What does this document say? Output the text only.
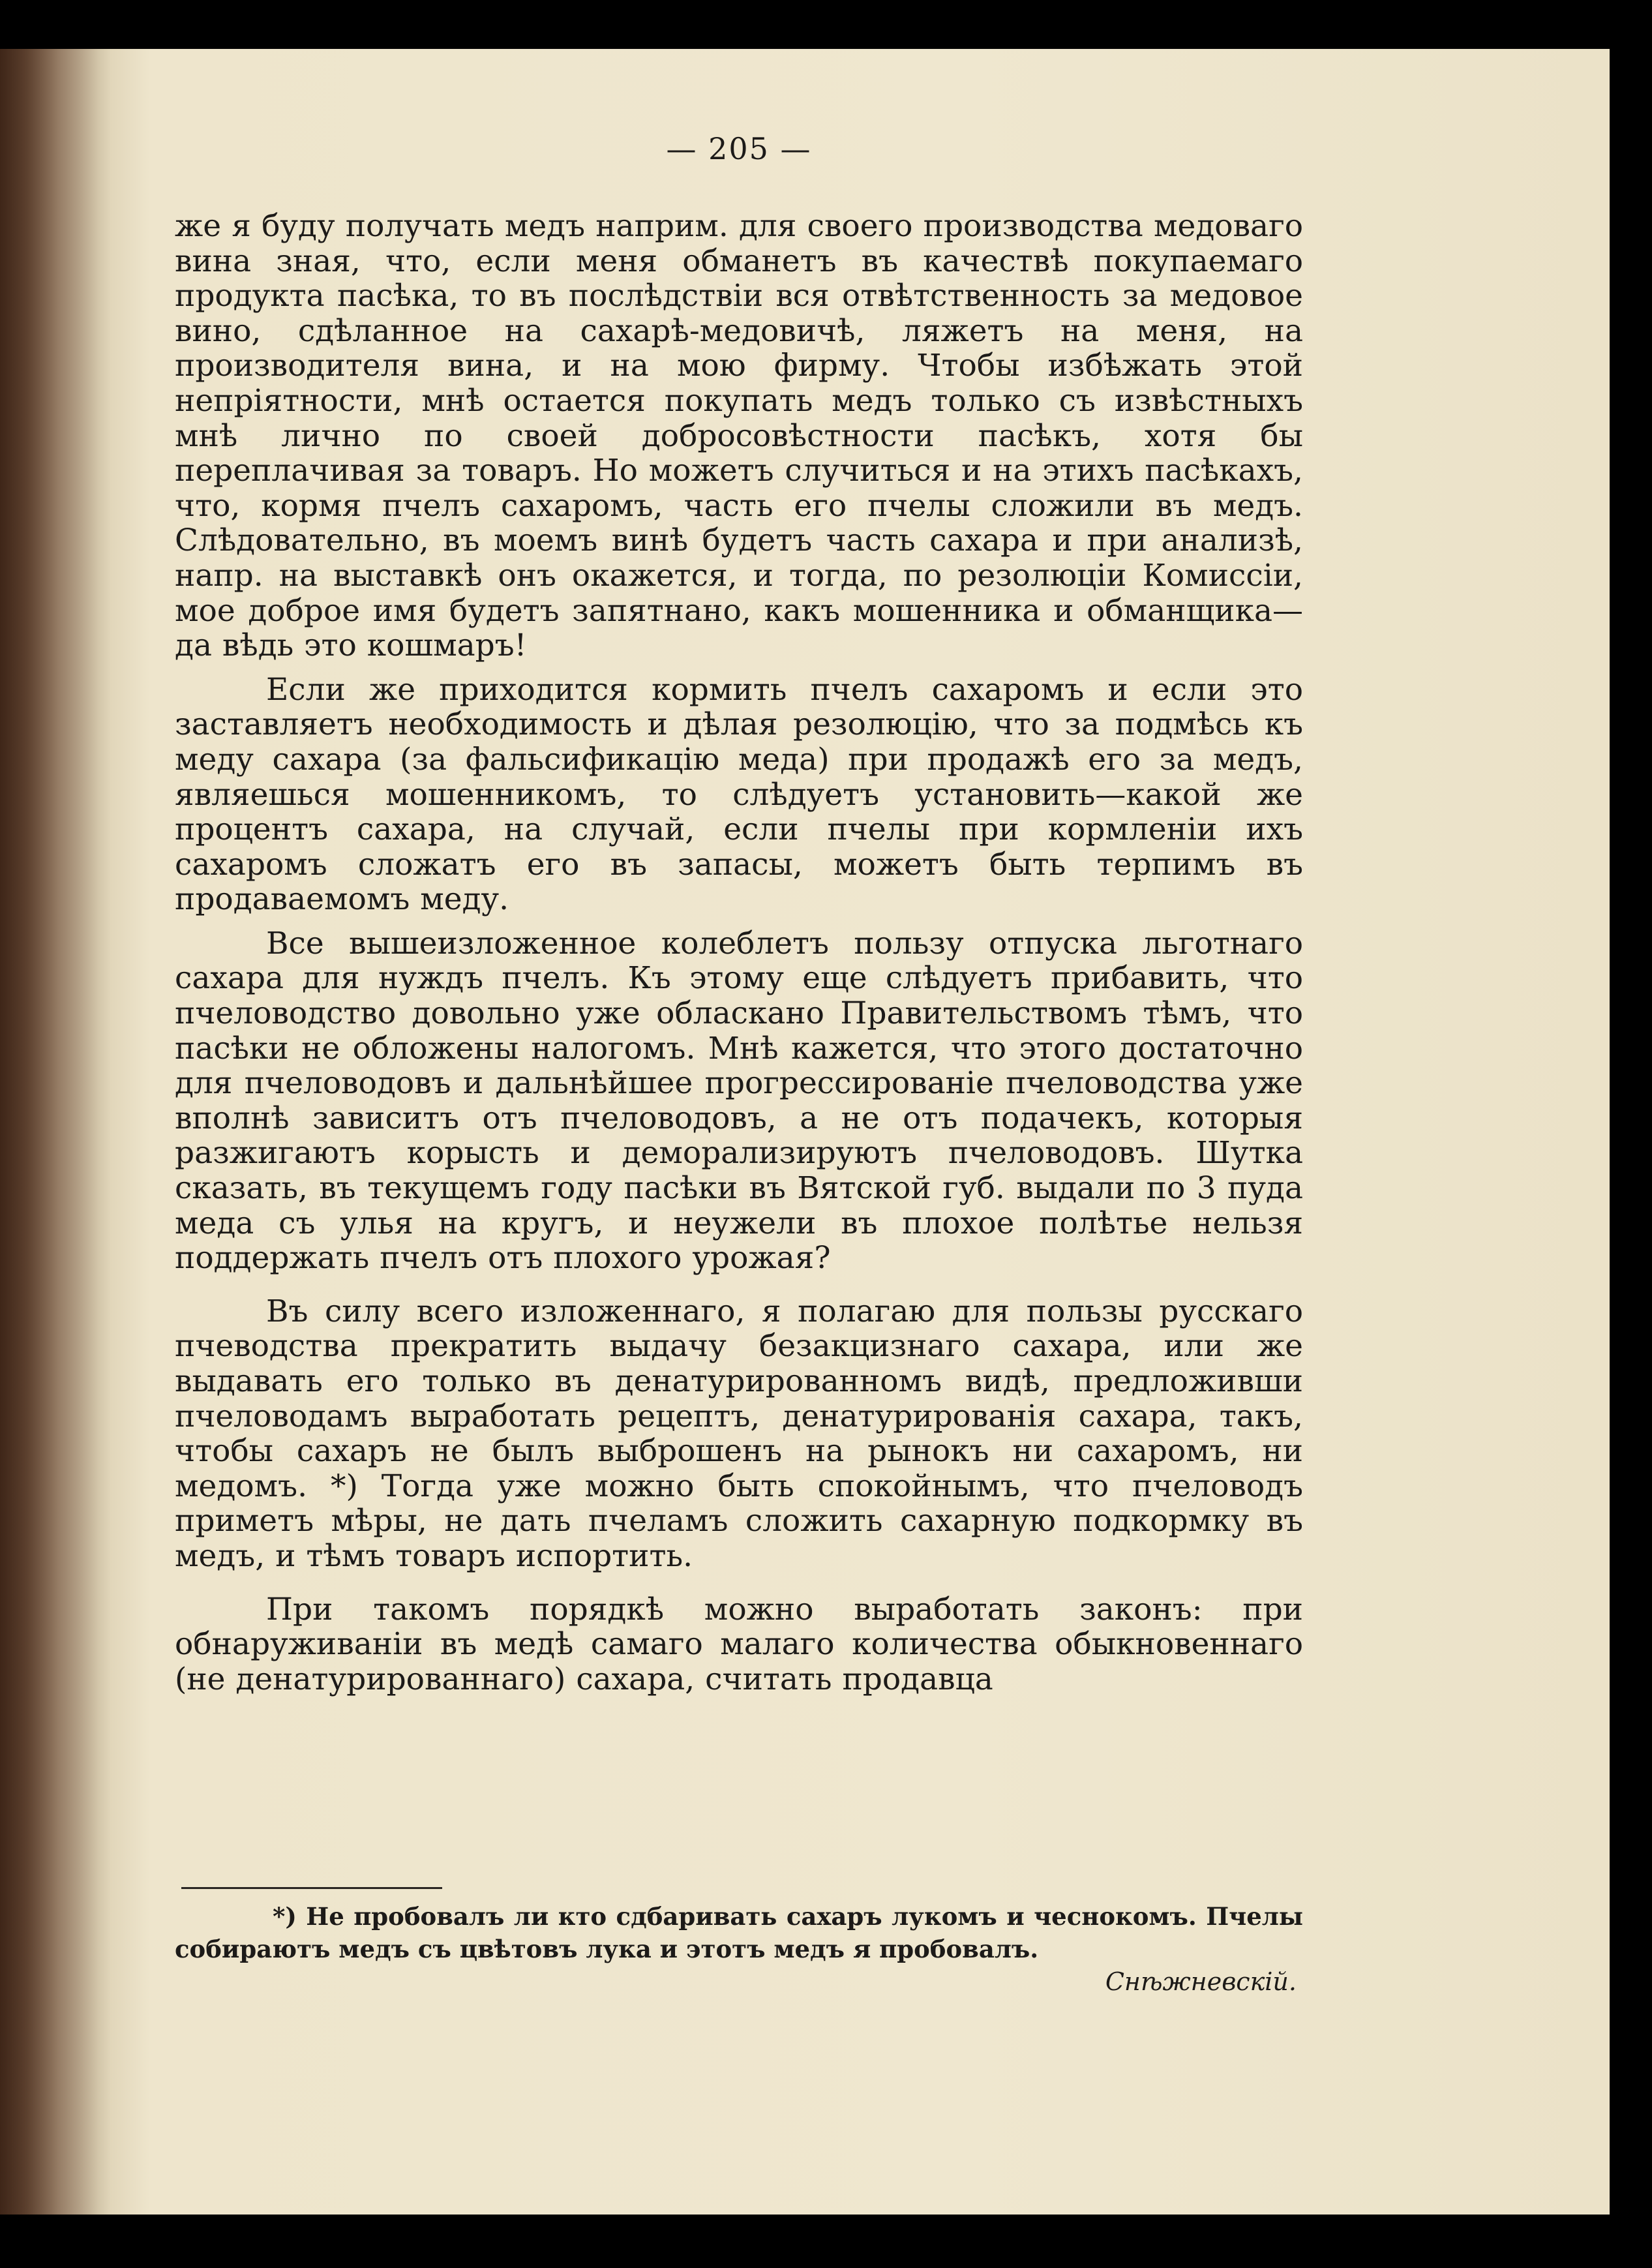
— 205 —

же я буду получать медъ наприм. для своего производства медоваго вина зная, что, если меня обманетъ въ качествѣ покупаемаго продукта пасѣка, то въ послѣдствіи вся отвѣтственность за медовое вино, сдѣланное на сахарѣ-медовичѣ, ляжетъ на меня, на производителя вина, и на мою фирму. Чтобы избѣжать этой непріятности, мнѣ остается покупать медъ только съ извѣстныхъ мнѣ лично по своей добросовѣстности пасѣкъ, хотя бы переплачивая за товаръ. Но можетъ случиться и на этихъ пасѣкахъ, что, кормя пчелъ сахаромъ, часть его пчелы сложили въ медъ. Слѣдовательно, въ моемъ винѣ будетъ часть сахара и при анализѣ, напр. на выставкѣ онъ окажется, и тогда, по резолюціи Комиссіи, мое доброе имя будетъ запятнано, какъ мошенника и обманщика—да вѣдь это кошмаръ!

Если же приходится кормить пчелъ сахаромъ и если это заставляетъ необходимость и дѣлая резолюцію, что за подмѣсь къ меду сахара (за фальсификацію меда) при продажѣ его за медъ, являешься мошенникомъ, то слѣдуетъ установить—какой же процентъ сахара, на случай, если пчелы при кормленіи ихъ сахаромъ сложатъ его въ запасы, можетъ быть терпимъ въ продаваемомъ меду.

Все вышеизложенное колеблетъ пользу отпуска льготнаго сахара для нуждъ пчелъ. Къ этому еще слѣдуетъ прибавить, что пчеловодство довольно уже обласкано Правительствомъ тѣмъ, что пасѣки не обложены налогомъ. Мнѣ кажется, что этого достаточно для пчеловодовъ и дальнѣйшее прогрессированіе пчеловодства уже вполнѣ зависитъ отъ пчеловодовъ, а не отъ подачекъ, которыя разжигаютъ корысть и деморализируютъ пчеловодовъ. Шутка сказать, въ текущемъ году пасѣки въ Вятской губ. выдали по 3 пуда меда съ улья на кругъ, и неужели въ плохое полѣтье нельзя поддержать пчелъ отъ плохого урожая?

Въ силу всего изложеннаго, я полагаю для пользы русскаго пчеводства прекратить выдачу безакцизнаго сахара, или же выдавать его только въ денатурированномъ видѣ, предложивши пчеловодамъ выработать рецептъ, денатурированія сахара, такъ, чтобы сахаръ не былъ выброшенъ на рынокъ ни сахаромъ, ни медомъ. *) Тогда уже можно быть спокойнымъ, что пчеловодъ приметъ мѣры, не дать пчеламъ сложить сахарную подкормку въ медъ, и тѣмъ товаръ испортить.

При такомъ порядкѣ можно выработать законъ: при обнаруживаніи въ медѣ самаго малаго количества обыкновеннаго (не денатурированнаго) сахара, считать продавца

*) Не пробовалъ ли кто сдбаривать сахаръ лукомъ и чеснокомъ. Пчелы собираютъ медъ съ цвѣтовъ лука и этотъ медъ я пробовалъ.

Снѣжневскій.
